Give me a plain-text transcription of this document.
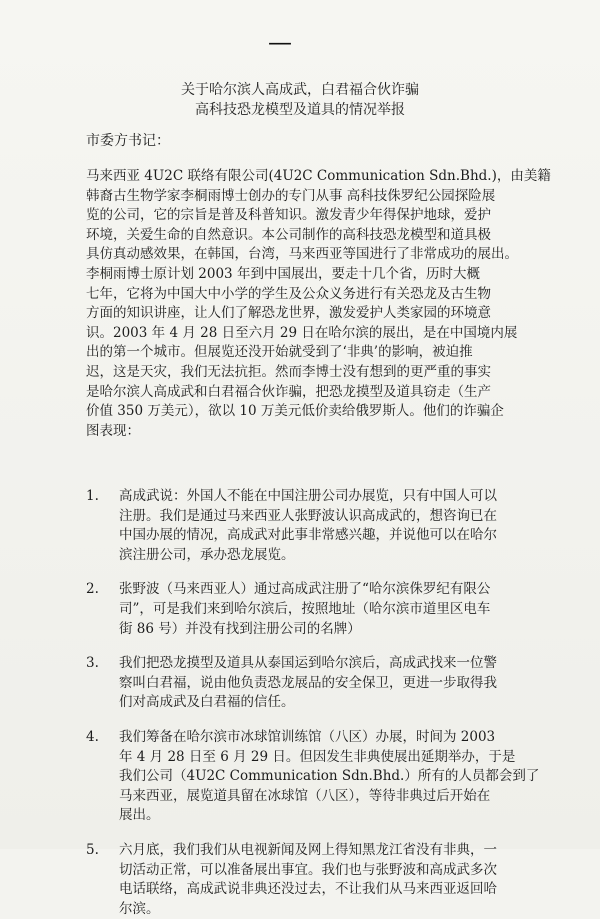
—
关于哈尔滨人高成武，白君福合伙诈骗
高科技恐龙模型及道具的情况举报
市委方书记：
马来西亚 4U2C 联络有限公司(4U2C Communication Sdn.Bhd.)，由美籍
韩裔古生物学家李桐雨博士创办的专门从事 高科技侏罗纪公园探险展
览的公司，它的宗旨是普及科普知识。激发青少年得保护地球，爱护
环境，关爱生命的自然意识。本公司制作的高科技恐龙模型和道具极
具仿真动感效果，在韩国，台湾，马来西亚等国进行了非常成功的展出。
李桐雨博士原计划 2003 年到中国展出，要走十几个省，历时大概
七年，它将为中国大中小学的学生及公众义务进行有关恐龙及古生物
方面的知识讲座，让人们了解恐龙世界，激发爱护人类家园的环境意
识。2003 年 4 月 28 日至六月 29 日在哈尔滨的展出，是在中国境内展
出的第一个城市。但展览还没开始就受到了‘非典’的影响，被迫推
迟，这是天灾，我们无法抗拒。然而李博士没有想到的更严重的事实
是哈尔滨人高成武和白君福合伙诈骗，把恐龙摸型及道具窃走（生产
价值 350 万美元），欲以 10 万美元低价卖给俄罗斯人。他们的诈骗企
图表现：
1.	高成武说：外国人不能在中国注册公司办展览，只有中国人可以
注册。我们是通过马来西亚人张野波认识高成武的，想咨询已在
中国办展的情况，高成武对此事非常感兴趣，并说他可以在哈尔
滨注册公司，承办恐龙展览。
2.	张野波（马来西亚人）通过高成武注册了“哈尔滨侏罗纪有限公
司”，可是我们来到哈尔滨后，按照地址（哈尔滨市道里区电车
街 86 号）并没有找到注册公司的名牌）
3.	我们把恐龙摸型及道具从泰国运到哈尔滨后，高成武找来一位警
察叫白君福，说由他负责恐龙展品的安全保卫，更进一步取得我
们对高成武及白君福的信任。
4.	我们筹备在哈尔滨市冰球馆训练馆（八区）办展，时间为 2003
年 4 月 28 日至 6 月 29 日。但因发生非典使展出延期举办，于是
我们公司（4U2C Communication Sdn.Bhd.）所有的人员都会到了
马来西亚，展览道具留在冰球馆（八区），等待非典过后开始在
展出。
5.	六月底，我们我们从电视新闻及网上得知黑龙江省没有非典，一
切活动正常，可以准备展出事宜。我们也与张野波和高成武多次
电话联络，高成武说非典还没过去，不让我们从马来西亚返回哈
尔滨。
